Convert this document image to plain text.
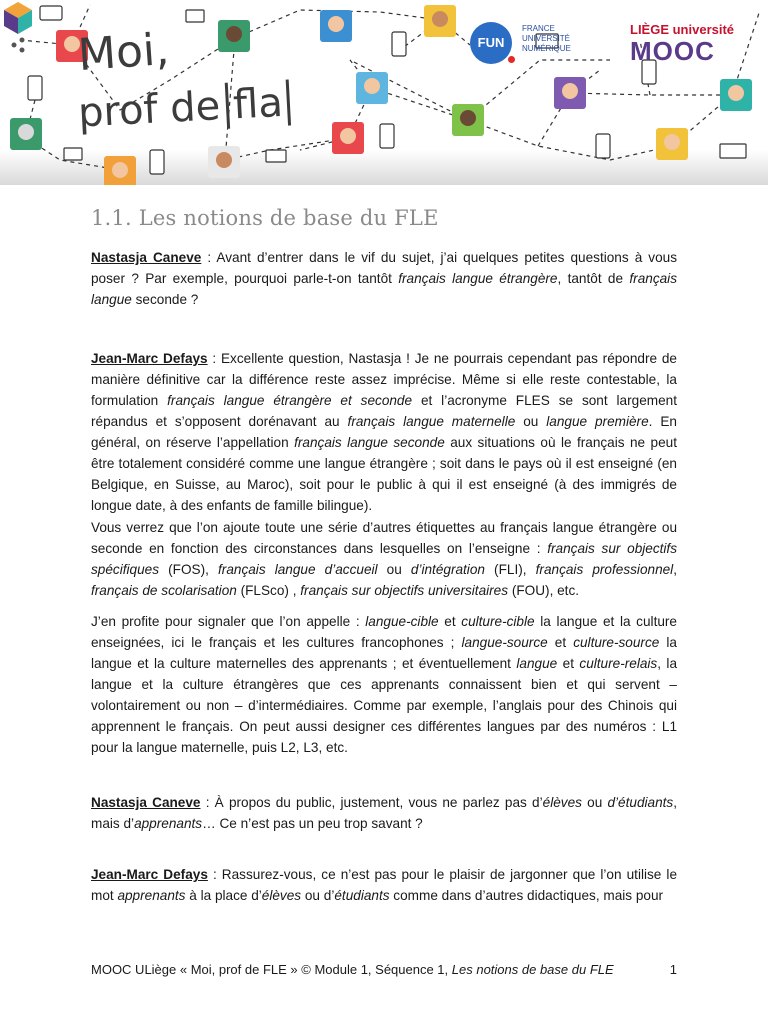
Moi,
prof de fla
FUN
FRANCE
UNIVERSITÉ
NUMÉRIQUE
LIÈGE université
MOOC
1.1. Les notions de base du FLE

Nastasja Caneve : Avant d’entrer dans le vif du sujet, j’ai quelques petites questions à vous poser ? Par exemple, pourquoi parle-t-on tantôt français langue étrangère, tantôt de français langue seconde ?

Jean-Marc Defays : Excellente question, Nastasja ! Je ne pourrais cependant pas répondre de manière définitive car la différence reste assez imprécise. Même si elle reste contestable, la formulation français langue étrangère et seconde et l’acronyme FLES se sont largement répandus et s’opposent dorénavant au français langue maternelle ou langue première. En général, on réserve l’appellation français langue seconde aux situations où le français ne peut être totalement considéré comme une langue étrangère ; soit dans le pays où il est enseigné (en Belgique, en Suisse, au Maroc), soit pour le public à qui il est enseigné (à des immigrés de longue date, à des enfants de famille bilingue).

Vous verrez que l’on ajoute toute une série d’autres étiquettes au français langue étrangère ou seconde en fonction des circonstances dans lesquelles on l’enseigne : français sur objectifs spécifiques (FOS), français langue d’accueil ou d’intégration (FLI), français professionnel, français de scolarisation (FLSco) , français sur objectifs universitaires (FOU), etc.

J’en profite pour signaler que l’on appelle : langue-cible et culture-cible la langue et la culture enseignées, ici le français et les cultures francophones ; langue-source et culture-source la langue et la culture maternelles des apprenants ; et éventuellement langue et culture-relais, la langue et la culture étrangères que ces apprenants connaissent bien et qui servent – volontairement ou non – d’intermédiaires. Comme par exemple, l’anglais pour des Chinois qui apprennent le français. On peut aussi designer ces différentes langues par des numéros : L1 pour la langue maternelle, puis L2, L3, etc.

Nastasja Caneve : À propos du public, justement, vous ne parlez pas d’élèves ou d’étudiants, mais d’apprenants… Ce n’est pas un peu trop savant ?

Jean-Marc Defays : Rassurez-vous, ce n’est pas pour le plaisir de jargonner que l’on utilise le mot apprenants à la place d’élèves ou d’étudiants comme dans d’autres didactiques, mais pour

MOOC ULiège « Moi, prof de FLE » © Module 1, Séquence 1, Les notions de base du FLE	1
